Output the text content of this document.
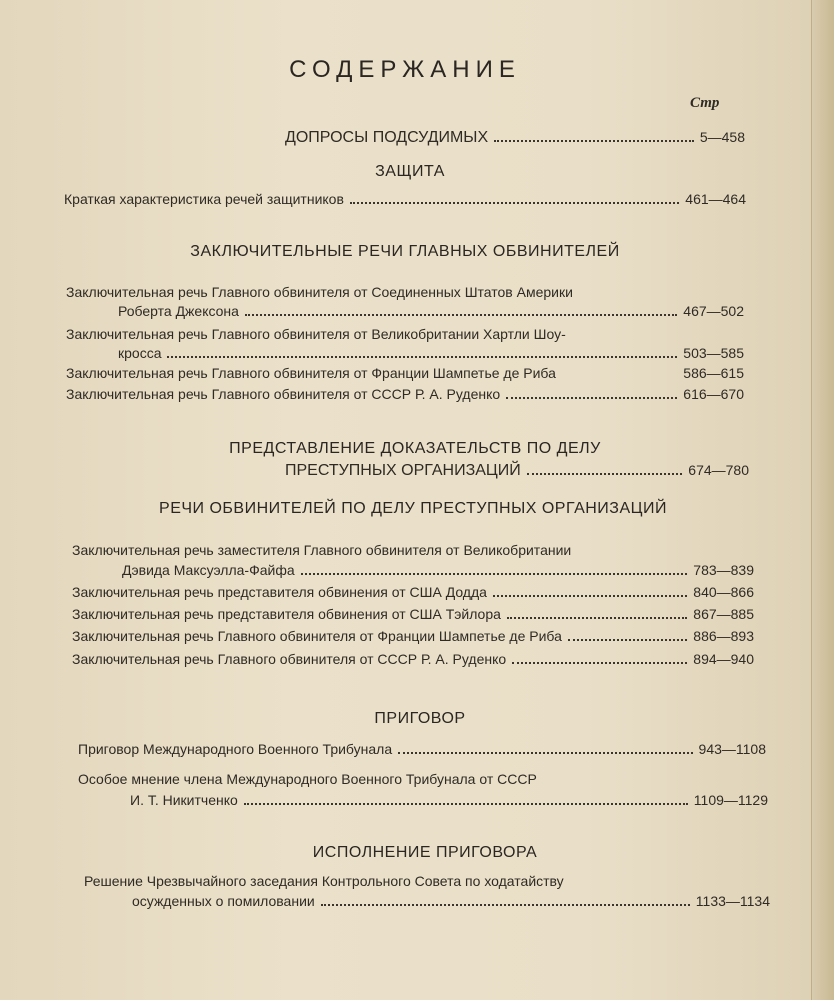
СОДЕРЖАНИЕ
Стр
ДОПРОСЫ ПОДСУДИМЫХ	5—458
ЗАЩИТА
Краткая характеристика речей защитников	461—464
ЗАКЛЮЧИТЕЛЬНЫЕ РЕЧИ ГЛАВНЫХ ОБВИНИТЕЛЕЙ
Заключительная речь Главного обвинителя от Соединенных Штатов Америки
Роберта Джексона	467—502
Заключительная речь Главного обвинителя от Великобритании Хартли Шоу-
кросса	503—585
Заключительная речь Главного обвинителя от Франции Шампетье де Риба	586—615
Заключительная речь Главного обвинителя от СССР Р. А. Руденко	616—670
ПРЕДСТАВЛЕНИЕ ДОКАЗАТЕЛЬСТВ ПО ДЕЛУ
ПРЕСТУПНЫХ ОРГАНИЗАЦИЙ	674—780
РЕЧИ ОБВИНИТЕЛЕЙ ПО ДЕЛУ ПРЕСТУПНЫХ ОРГАНИЗАЦИЙ
Заключительная речь заместителя Главного обвинителя от Великобритании
Дэвида Максуэлла-Файфа	783—839
Заключительная речь представителя обвинения от США Додда	840—866
Заключительная речь представителя обвинения от США Тэйлора	867—885
Заключительная речь Главного обвинителя от Франции Шампетье де Риба	886—893
Заключительная речь Главного обвинителя от СССР Р. А. Руденко	894—940
ПРИГОВОР
Приговор Международного Военного Трибунала	943—1108
Особое мнение члена Международного Военного Трибунала от СССР
И. Т. Никитченко	1109—1129
ИСПОЛНЕНИЕ ПРИГОВОРА
Решение Чрезвычайного заседания Контрольного Совета по ходатайству
осужденных о помиловании	1133—1134
